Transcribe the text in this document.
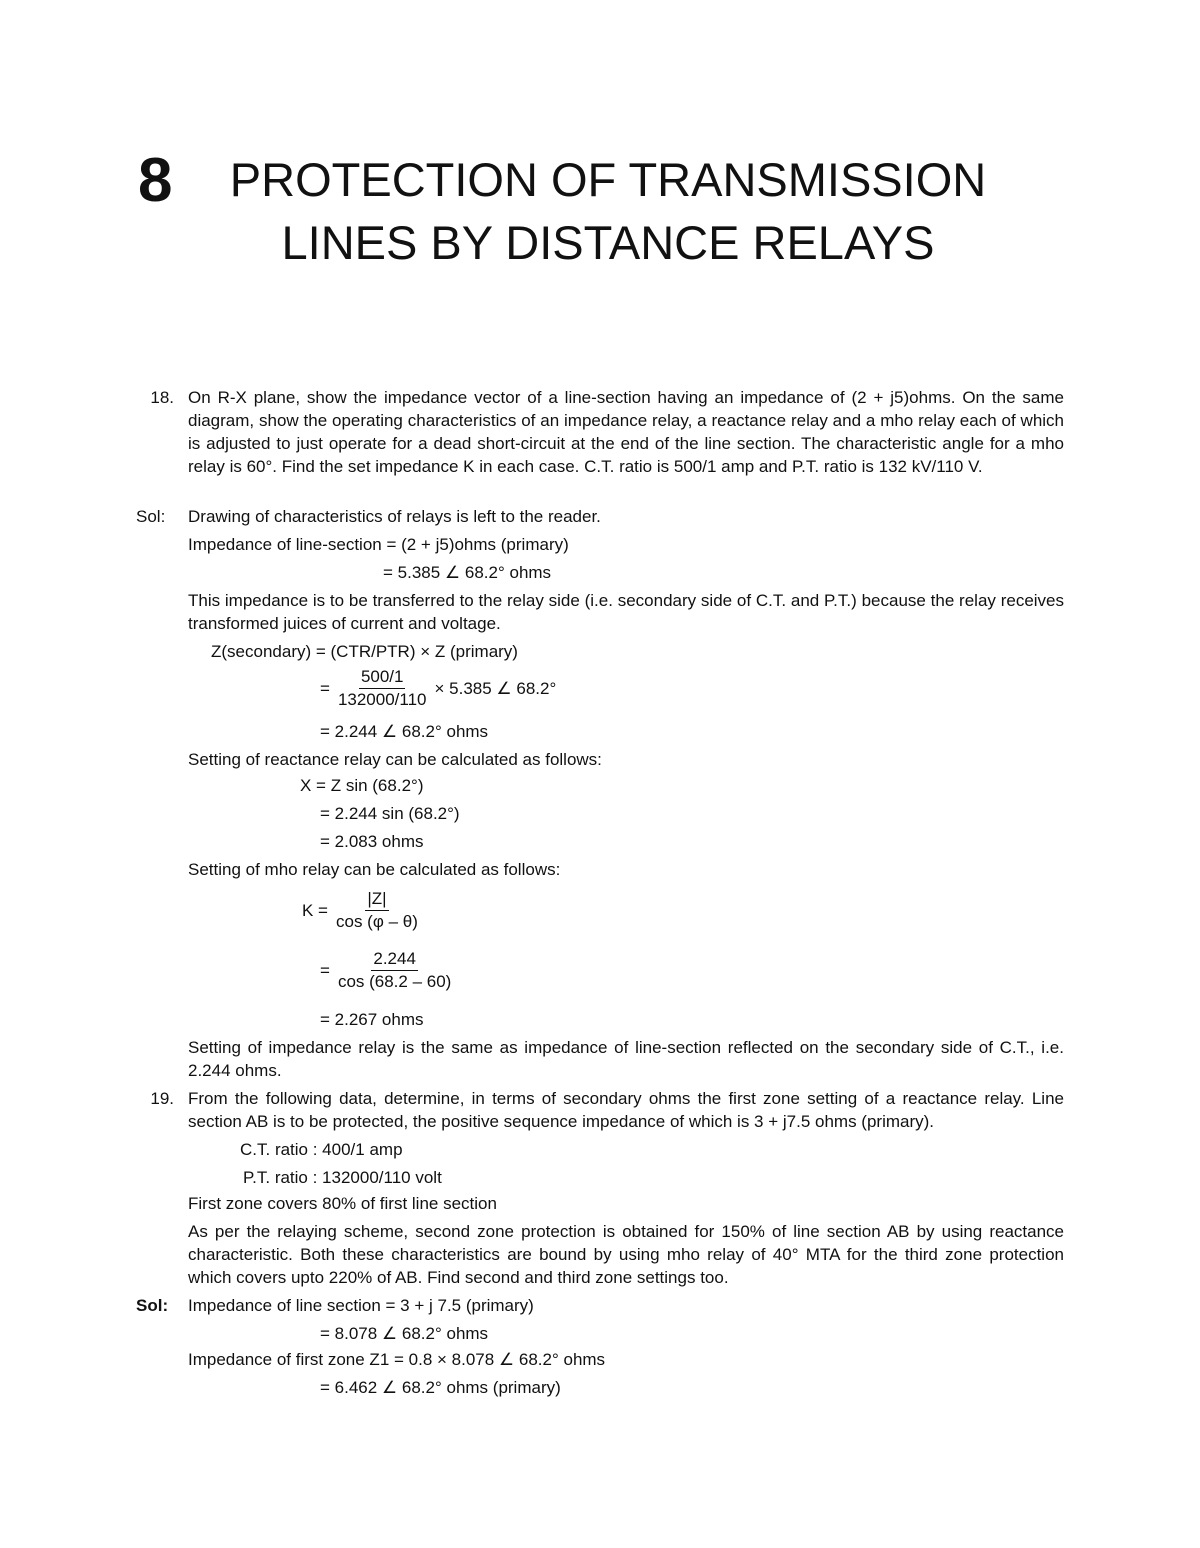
8 PROTECTION OF TRANSMISSION
LINES BY DISTANCE RELAYS
18. On R-X plane, show the impedance vector of a line-section having an impedance of (2 + j5)ohms. On the same diagram, show the operating characteristics of an impedance relay, a reactance relay and a mho relay each of which is adjusted to just operate for a dead short-circuit at the end of the line section. The characteristic angle for a mho relay is 60°. Find the set impedance K in each case. C.T. ratio is 500/1 amp and P.T. ratio is 132 kV/110 V.
Sol:	Drawing of characteristics of relays is left to the reader.
Impedance of line-section = (2 + j5)ohms (primary)
= 5.385 ∠ 68.2° ohms
This impedance is to be transferred to the relay side (i.e. secondary side of C.T. and P.T.) because the relay receives transformed juices of current and voltage.
Z(secondary) = (CTR/PTR) × Z (primary)
= $\frac{500/1}{132000/110} \times 5.385$ ∠ 68.2°
= 2.244 ∠ 68.2° ohms
Setting of reactance relay can be calculated as follows:
X = Z sin (68.2°)
= 2.244 sin (68.2°)
= 2.083 ohms
Setting of mho relay can be calculated as follows:
$K = \frac{|Z|}{\cos (\varphi - \theta)}$
= $\frac{2.244}{\cos (68.2 - 60)}$
= 2.267 ohms
Setting of impedance relay is the same as impedance of line-section reflected on the secondary side of C.T., i.e. 2.244 ohms.
19. From the following data, determine, in terms of secondary ohms the first zone setting of a reactance relay. Line section AB is to be protected, the positive sequence impedance of which is 3 + j7.5 ohms (primary).
C.T. ratio : 400/1 amp
P.T. ratio : 132000/110 volt
First zone covers 80% of first line section
As per the relaying scheme, second zone protection is obtained for 150% of line section AB by using reactance characteristic. Both these characteristics are bound by using mho relay of 40° MTA for the third zone protection which covers upto 220% of AB. Find second and third zone settings too.
Sol:	Impedance of line section = 3 + j 7.5 (primary)
= 8.078 ∠ 68.2° ohms
Impedance of first zone Z1 = 0.8 × 8.078 ∠ 68.2° ohms
= 6.462 ∠ 68.2° ohms (primary)
